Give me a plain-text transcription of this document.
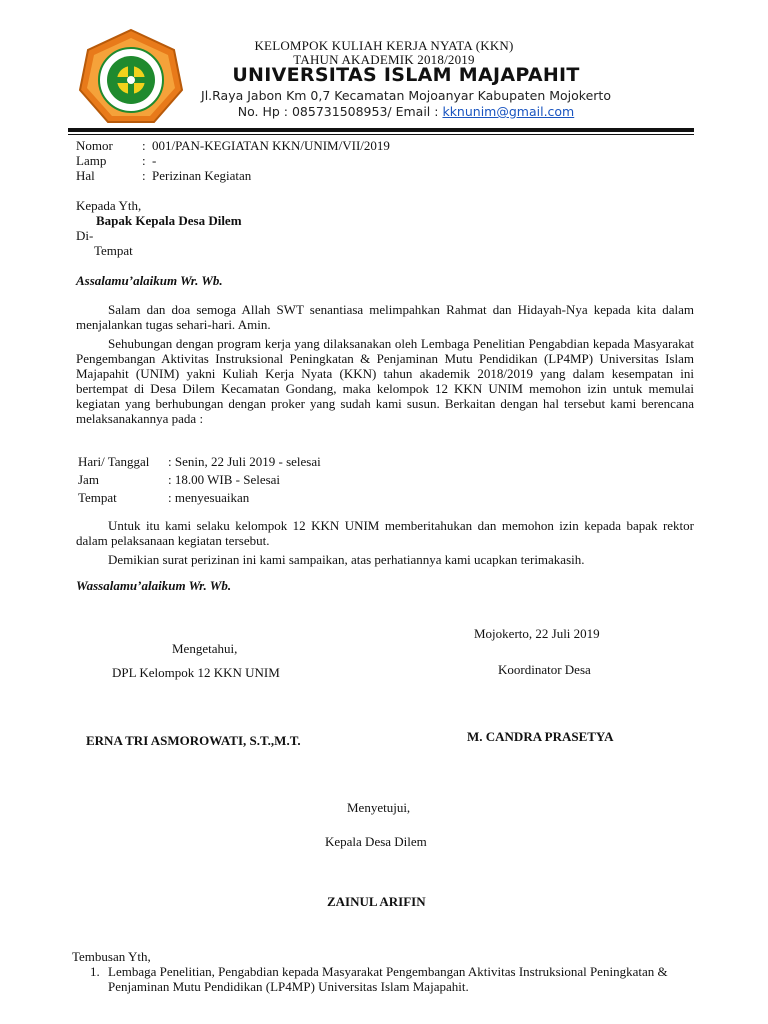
KELOMPOK KULIAH KERJA NYATA (KKN)
TAHUN AKADEMIK 2018/2019
UNIVERSITAS ISLAM MAJAPAHIT
Jl.Raya Jabon Km 0,7 Kecamatan Mojoanyar Kabupaten Mojokerto
No. Hp : 085731508953/ Email : kknunim@gmail.com
Nomor : 001/PAN-KEGIATAN KKN/UNIM/VII/2019
Lamp	: -
Hal	: Perizinan Kegiatan
Kepada Yth,
Bapak Kepala Desa Dilem
Di-
Tempat
Assalamu’alaikum Wr. Wb.

Salam dan doa semoga Allah SWT senantiasa melimpahkan Rahmat dan Hidayah-Nya kepada kita dalam menjalankan tugas sehari-hari. Amin.

Sehubungan dengan program kerja yang dilaksanakan oleh Lembaga Penelitian Pengabdian kepada Masyarakat Pengembangan Aktivitas Instruksional Peningkatan & Penjaminan Mutu Pendidikan (LP4MP) Universitas Islam Majapahit (UNIM) yakni Kuliah Kerja Nyata (KKN) tahun akademik 2018/2019 yang dalam kesempatan ini bertempat di Desa Dilem Kecamatan Gondang, maka kelompok 12 KKN UNIM memohon izin untuk memulai kegiatan yang berhubungan dengan proker yang sudah kami susun. Berkaitan dengan hal tersebut kami berencana melaksanakannya pada :

Hari/ Tanggal : Senin, 22 Juli 2019 - selesai
Jam	: 18.00 WIB - Selesai
Tempat	: menyesuaikan

Untuk itu kami selaku kelompok 12 KKN UNIM memberitahukan dan memohon izin kepada bapak rektor dalam pelaksanaan kegiatan tersebut.

Demikian surat perizinan ini kami sampaikan, atas perhatiannya kami ucapkan terimakasih.

Wassalamu’alaikum Wr. Wb.
Mojokerto, 22 Juli 2019
Mengetahui,
DPL Kelompok 12 KKN UNIM	Koordinator Desa
ERNA TRI ASMOROWATI, S.T.,M.T.	M. CANDRA PRASETYA
Menyetujui,
Kepala Desa Dilem
ZAINUL ARIFIN
Tembusan Yth,
1. Lembaga Penelitian, Pengabdian kepada Masyarakat Pengembangan Aktivitas Instruksional Peningkatan & Penjaminan Mutu Pendidikan (LP4MP) Universitas Islam Majapahit.
